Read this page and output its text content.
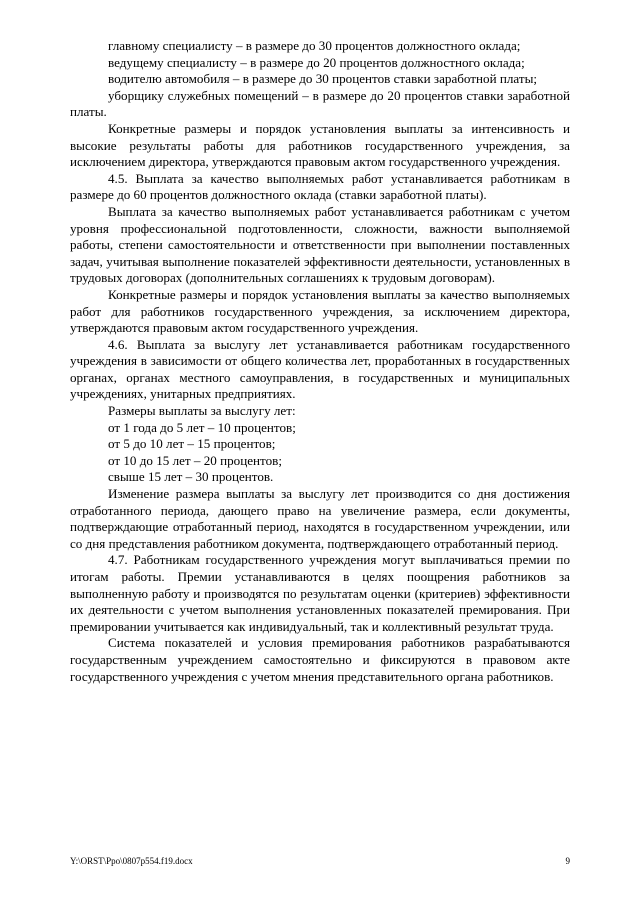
главному специалисту – в размере до 30 процентов должностного оклада;

ведущему специалисту – в размере до 20 процентов должностного оклада;

водителю автомобиля – в размере до 30 процентов ставки заработной платы;

уборщику служебных помещений – в размере до 20 процентов ставки заработной платы.

Конкретные размеры и порядок установления выплаты за интенсивность и высокие результаты работы для работников государственного учреждения, за исключением директора, утверждаются правовым актом государственного учреждения.

4.5. Выплата за качество выполняемых работ устанавливается работникам в размере до 60 процентов должностного оклада (ставки заработной платы).

Выплата за качество выполняемых работ устанавливается работникам с учетом уровня профессиональной подготовленности, сложности, важности выполняемой работы, степени самостоятельности и ответственности при выполнении поставленных задач, учитывая выполнение показателей эффективности деятельности, установленных в трудовых договорах (дополнительных соглашениях к трудовым договорам).

Конкретные размеры и порядок установления выплаты за качество выполняемых работ для работников государственного учреждения, за исключением директора, утверждаются правовым актом государственного учреждения.

4.6. Выплата за выслугу лет устанавливается работникам государственного учреждения в зависимости от общего количества лет, проработанных в государственных органах, органах местного самоуправления, в государственных и муниципальных учреждениях, унитарных предприятиях.

Размеры выплаты за выслугу лет:

от 1 года до 5 лет – 10 процентов;

от 5 до 10 лет – 15 процентов;

от 10 до 15 лет – 20 процентов;

свыше 15 лет – 30 процентов.

Изменение размера выплаты за выслугу лет производится со дня достижения отработанного периода, дающего право на увеличение размера, если документы, подтверждающие отработанный период, находятся в государственном учреждении, или со дня представления работником документа, подтверждающего отработанный период.

4.7. Работникам государственного учреждения могут выплачиваться премии по итогам работы. Премии устанавливаются в целях поощрения работников за выполненную работу и производятся по результатам оценки (критериев) эффективности их деятельности с учетом выполнения установленных показателей премирования. При премировании учитывается как индивидуальный, так и коллективный результат труда.

Система показателей и условия премирования работников разрабатываются государственным учреждением самостоятельно и фиксируются в правовом акте государственного учреждения с учетом мнения представительного органа работников.

Y:\ORST\Ppo\0807p554.f19.docx	9
